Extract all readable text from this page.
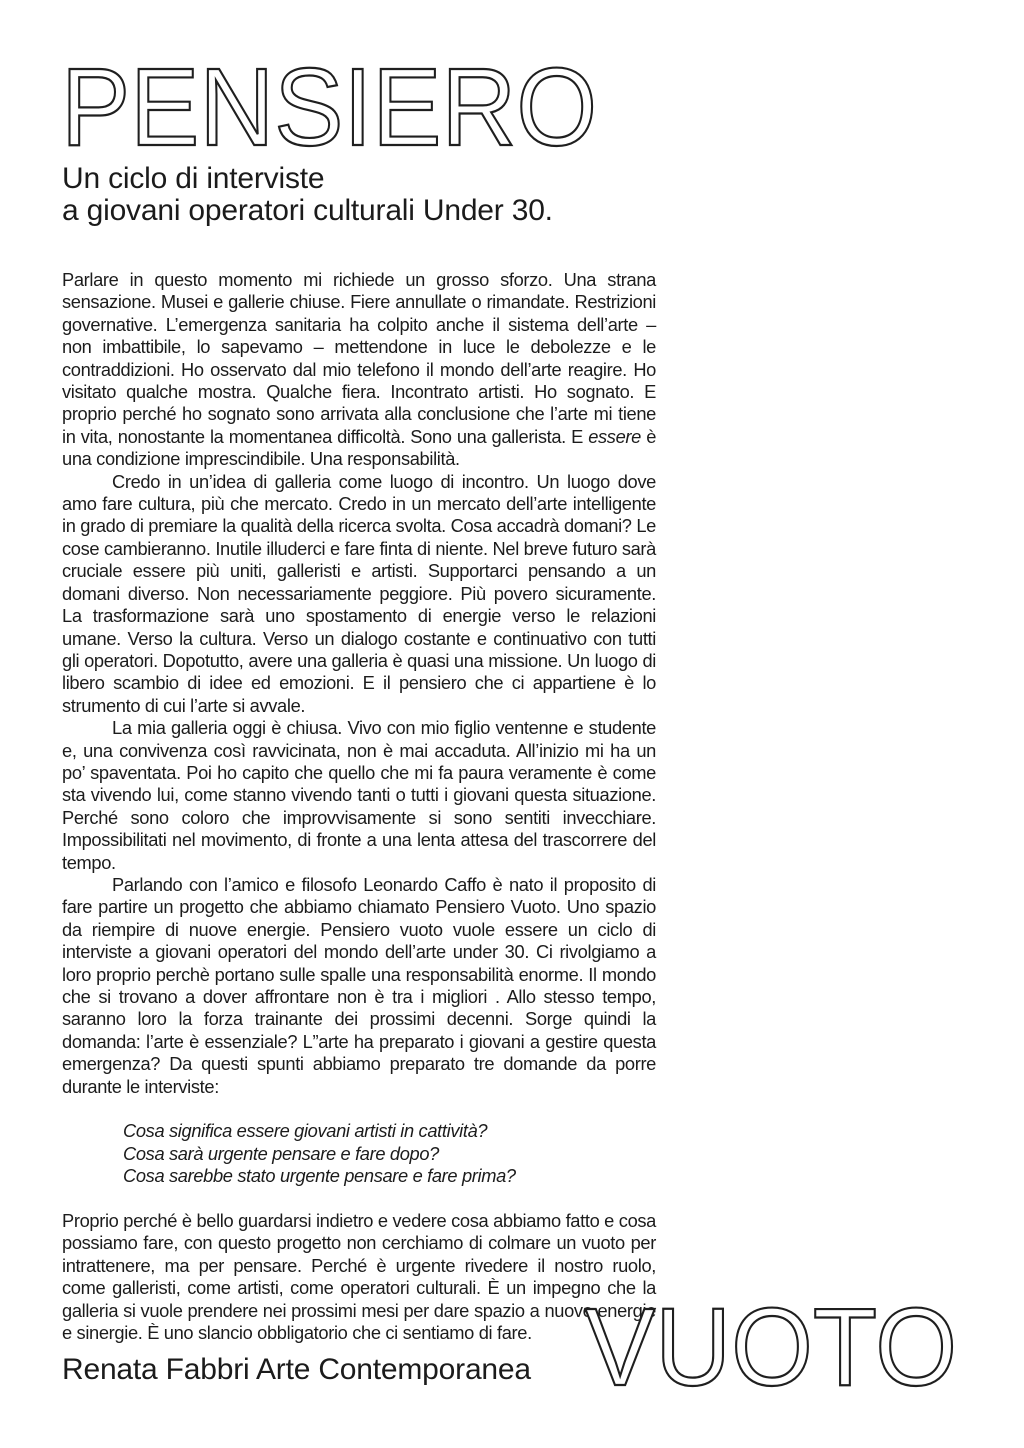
PENSIERO
Un ciclo di interviste
a giovani operatori culturali Under 30.

Parlare in questo momento mi richiede un grosso sforzo. Una strana sensazione. Musei e gallerie chiuse. Fiere annullate o rimandate. Restrizioni governative. L’emergenza sanitaria ha colpito anche il sistema dell’arte – non imbattibile, lo sapevamo – mettendone in luce le debolezze e le contraddizioni. Ho osservato dal mio telefono il mondo dell’arte reagire. Ho visitato qualche mostra. Qualche fiera. Incontrato artisti. Ho sognato. E proprio perché ho sognato sono arrivata alla conclusione che l’arte mi tiene in vita, nonostante la momentanea difficoltà. Sono una gallerista. E essere è una condizione imprescindibile. Una responsabilità.

Credo in un’idea di galleria come luogo di incontro. Un luogo dove amo fare cultura, più che mercato. Credo in un mercato dell’arte intelligente in grado di premiare la qualità della ricerca svolta. Cosa accadrà domani? Le cose cambieranno. Inutile illuderci e fare finta di niente. Nel breve futuro sarà cruciale essere più uniti, galleristi e artisti. Supportarci pensando a un domani diverso. Non necessariamente peggiore. Più povero sicuramente. La trasformazione sarà uno spostamento di energie verso le relazioni umane. Verso la cultura. Verso un dialogo costante e continuativo con tutti gli operatori. Dopotutto, avere una galleria è quasi una missione. Un luogo di libero scambio di idee ed emozioni. E il pensiero che ci appartiene è lo strumento di cui l’arte si avvale.

La mia galleria oggi è chiusa. Vivo con mio figlio ventenne e studente e, una convivenza così ravvicinata, non è mai accaduta. All’inizio mi ha un po’ spaventata. Poi ho capito che quello che mi fa paura veramente è come sta vivendo lui, come stanno vivendo tanti o tutti i giovani questa situazione. Perché sono coloro che improvvisamente si sono sentiti invecchiare. Impossibilitati nel movimento, di fronte a una lenta attesa del trascorrere del tempo.

Parlando con l’amico e filosofo Leonardo Caffo è nato il proposito di fare partire un progetto che abbiamo chiamato Pensiero Vuoto. Uno spazio da riempire di nuove energie. Pensiero vuoto vuole essere un ciclo di interviste a giovani operatori del mondo dell’arte under 30. Ci rivolgiamo a loro proprio perchè portano sulle spalle una responsabilità enorme. Il mondo che si trovano a dover affrontare non è tra i migliori . Allo stesso tempo, saranno loro la forza trainante dei prossimi decenni. Sorge quindi la domanda: l’arte è essenziale? L”arte ha preparato i giovani a gestire questa emergenza? Da questi spunti abbiamo preparato tre domande da porre durante le interviste:

Cosa significa essere giovani artisti in cattività?
Cosa sarà urgente pensare e fare dopo?
Cosa sarebbe stato urgente pensare e fare prima?

Proprio perché è bello guardarsi indietro e vedere cosa abbiamo fatto e cosa possiamo fare, con questo progetto non cerchiamo di colmare un vuoto per intrattenere, ma per pensare. Perché è urgente rivedere il nostro ruolo, come galleristi, come artisti, come operatori culturali. È un impegno che la galleria si vuole prendere nei prossimi mesi per dare spazio a nuove energie e sinergie. È uno slancio obbligatorio che ci sentiamo di fare. VUOTO
Renata Fabbri Arte Contemporanea
